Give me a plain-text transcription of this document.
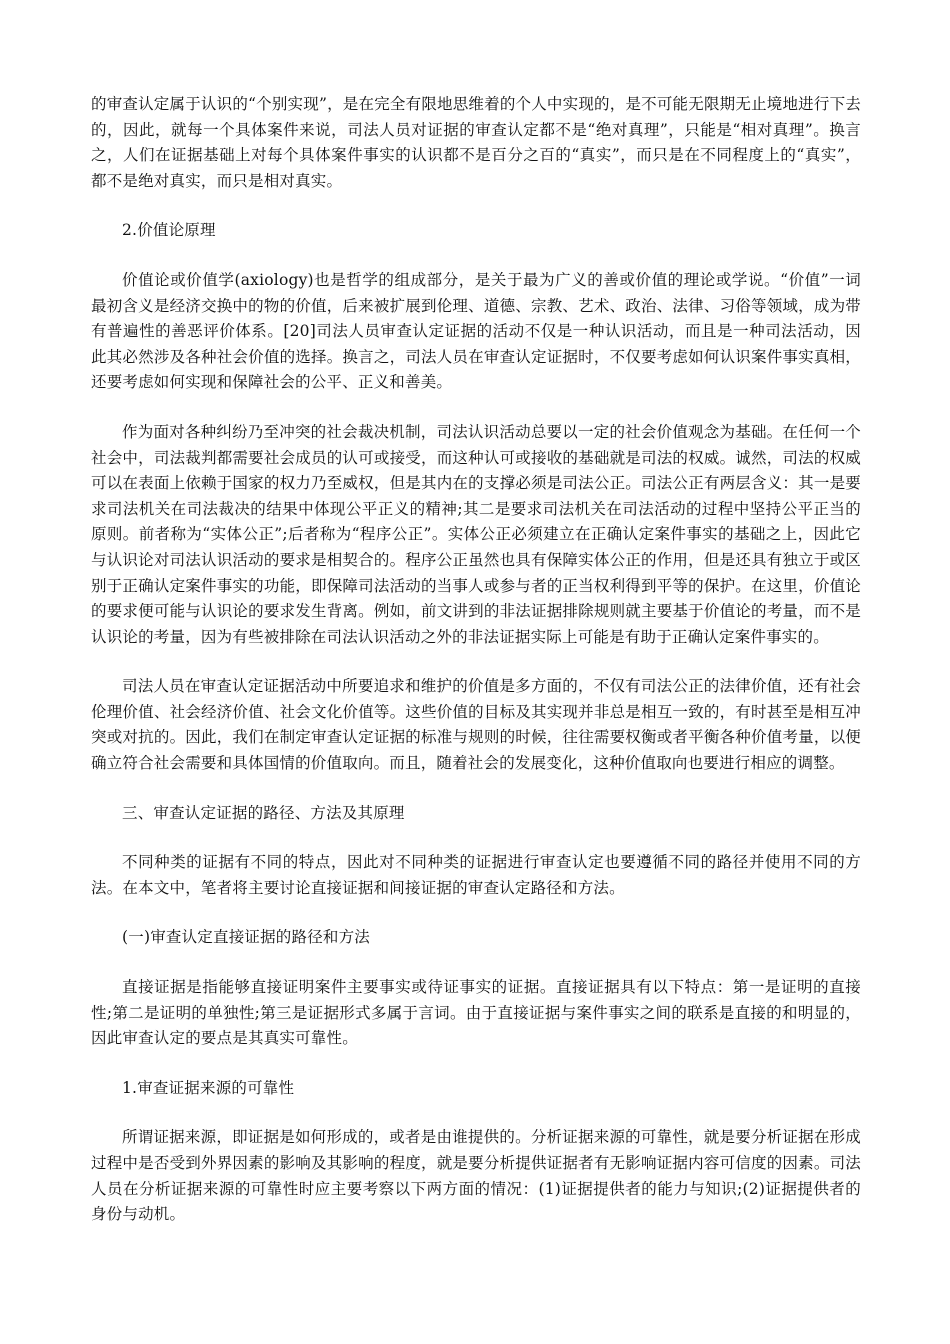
的审查认定属于认识的“个别实现”，是在完全有限地思维着的个人中实现的，是不可能无限期无止境地进行下去的，因此，就每一个具体案件来说，司法人员对证据的审查认定都不是“绝对真理”，只能是“相对真理”。换言之，人们在证据基础上对每个具体案件事实的认识都不是百分之百的“真实”，而只是在不同程度上的“真实”，都不是绝对真实，而只是相对真实。

2.价值论原理

价值论或价值学(axiology)也是哲学的组成部分，是关于最为广义的善或价值的理论或学说。“价值”一词最初含义是经济交换中的物的价值，后来被扩展到伦理、道德、宗教、艺术、政治、法律、习俗等领域，成为带有普遍性的善恶评价体系。[20]司法人员审查认定证据的活动不仅是一种认识活动，而且是一种司法活动，因此其必然涉及各种社会价值的选择。换言之，司法人员在审查认定证据时，不仅要考虑如何认识案件事实真相，还要考虑如何实现和保障社会的公平、正义和善美。

作为面对各种纠纷乃至冲突的社会裁决机制，司法认识活动总要以一定的社会价值观念为基础。在任何一个社会中，司法裁判都需要社会成员的认可或接受，而这种认可或接收的基础就是司法的权威。诚然，司法的权威可以在表面上依赖于国家的权力乃至威权，但是其内在的支撑必须是司法公正。司法公正有两层含义：其一是要求司法机关在司法裁决的结果中体现公平正义的精神;其二是要求司法机关在司法活动的过程中坚持公平正当的原则。前者称为“实体公正”;后者称为“程序公正”。实体公正必须建立在正确认定案件事实的基础之上，因此它与认识论对司法认识活动的要求是相契合的。程序公正虽然也具有保障实体公正的作用，但是还具有独立于或区别于正确认定案件事实的功能，即保障司法活动的当事人或参与者的正当权利得到平等的保护。在这里，价值论的要求便可能与认识论的要求发生背离。例如，前文讲到的非法证据排除规则就主要基于价值论的考量，而不是认识论的考量，因为有些被排除在司法认识活动之外的非法证据实际上可能是有助于正确认定案件事实的。

司法人员在审查认定证据活动中所要追求和维护的价值是多方面的，不仅有司法公正的法律价值，还有社会伦理价值、社会经济价值、社会文化价值等。这些价值的目标及其实现并非总是相互一致的，有时甚至是相互冲突或对抗的。因此，我们在制定审查认定证据的标准与规则的时候，往往需要权衡或者平衡各种价值考量，以便确立符合社会需要和具体国情的价值取向。而且，随着社会的发展变化，这种价值取向也要进行相应的调整。

三、审查认定证据的路径、方法及其原理

不同种类的证据有不同的特点，因此对不同种类的证据进行审查认定也要遵循不同的路径并使用不同的方法。在本文中，笔者将主要讨论直接证据和间接证据的审查认定路径和方法。

(一)审查认定直接证据的路径和方法

直接证据是指能够直接证明案件主要事实或待证事实的证据。直接证据具有以下特点：第一是证明的直接性;第二是证明的单独性;第三是证据形式多属于言词。由于直接证据与案件事实之间的联系是直接的和明显的，因此审查认定的要点是其真实可靠性。

1.审查证据来源的可靠性

所谓证据来源，即证据是如何形成的，或者是由谁提供的。分析证据来源的可靠性，就是要分析证据在形成过程中是否受到外界因素的影响及其影响的程度，就是要分析提供证据者有无影响证据内容可信度的因素。司法人员在分析证据来源的可靠性时应主要考察以下两方面的情况：(1)证据提供者的能力与知识;(2)证据提供者的身份与动机。
